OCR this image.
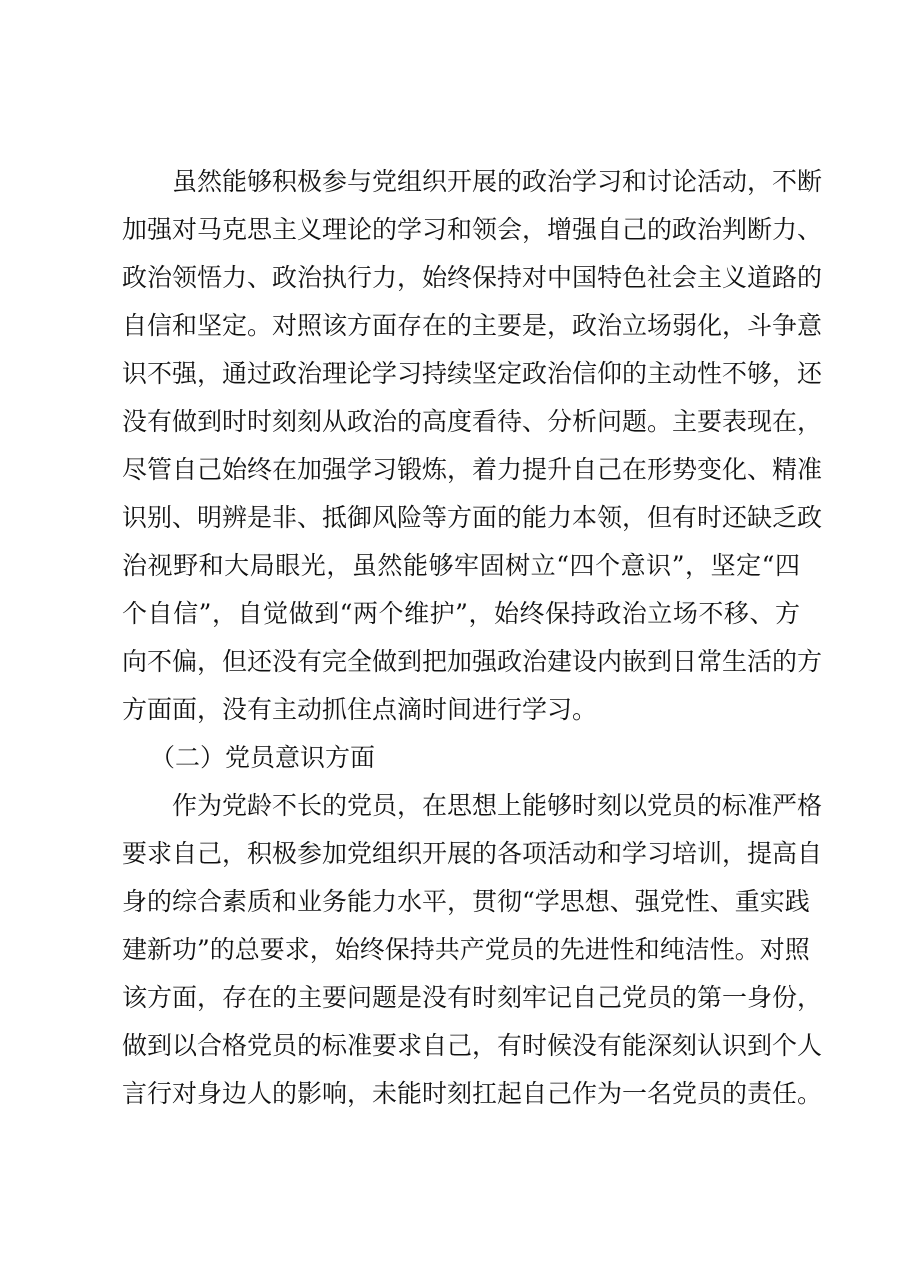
虽然能够积极参与党组织开展的政治学习和讨论活动，不断
加强对马克思主义理论的学习和领会，增强自己的政治判断力、
政治领悟力、政治执行力，始终保持对中国特色社会主义道路的
自信和坚定。对照该方面存在的主要是，政治立场弱化，斗争意
识不强，通过政治理论学习持续坚定政治信仰的主动性不够，还
没有做到时时刻刻从政治的高度看待、分析问题。主要表现在，
尽管自己始终在加强学习锻炼，着力提升自己在形势变化、精准
识别、明辨是非、抵御风险等方面的能力本领，但有时还缺乏政
治视野和大局眼光，虽然能够牢固树立“四个意识”，坚定“四
个自信”，自觉做到“两个维护”，始终保持政治立场不移、方
向不偏，但还没有完全做到把加强政治建设内嵌到日常生活的方
方面面，没有主动抓住点滴时间进行学习。
（二）党员意识方面
作为党龄不长的党员，在思想上能够时刻以党员的标准严格
要求自己，积极参加党组织开展的各项活动和学习培训，提高自
身的综合素质和业务能力水平，贯彻“学思想、强党性、重实践
建新功”的总要求，始终保持共产党员的先进性和纯洁性。对照
该方面，存在的主要问题是没有时刻牢记自己党员的第一身份，
做到以合格党员的标准要求自己，有时候没有能深刻认识到个人
言行对身边人的影响，未能时刻扛起自己作为一名党员的责任。
